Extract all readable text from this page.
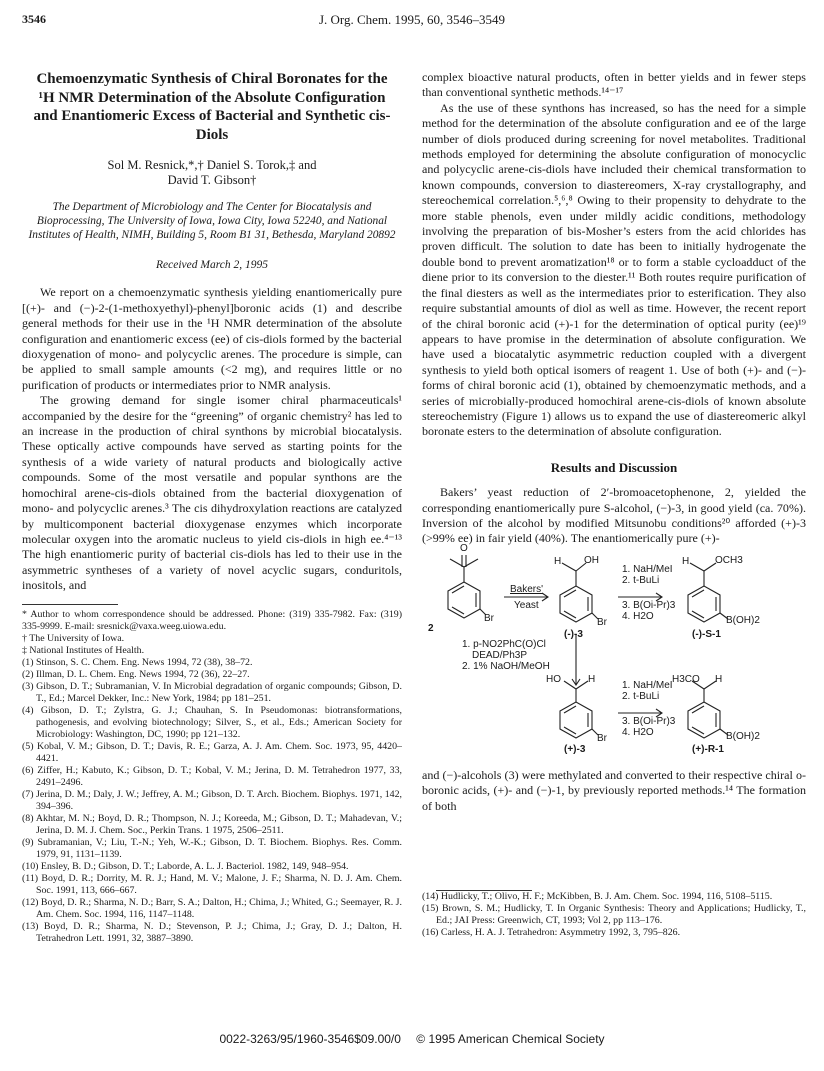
3546	J. Org. Chem. 1995, 60, 3546–3549
Chemoenzymatic Synthesis of Chiral Boronates for the ¹H NMR Determination of the Absolute Configuration and Enantiomeric Excess of Bacterial and Synthetic cis-Diols
Sol M. Resnick,*,† Daniel S. Torok,‡ and
David T. Gibson†
The Department of Microbiology and The Center for Biocatalysis and Bioprocessing, The University of Iowa, Iowa City, Iowa 52240, and National Institutes of Health, NIMH, Building 5, Room B1 31, Bethesda, Maryland 20892
Received March 2, 1995

We report on a chemoenzymatic synthesis yielding enantiomerically pure [(+)- and (−)-2-(1-methoxyethyl)-phenyl]boronic acids (1) and describe general methods for their use in the ¹H NMR determination of the absolute configuration and enantiomeric excess (ee) of cis-diols formed by the bacterial dioxygenation of mono- and polycyclic arenes. The procedure is simple, can be applied to small sample amounts (<2 mg), and requires little or no purification of products or intermediates prior to NMR analysis.

The growing demand for single isomer chiral pharmaceuticals¹ accompanied by the desire for the “greening” of organic chemistry² has led to an increase in the production of chiral synthons by microbial biocatalysis. These optically active compounds have served as starting points for the synthesis of a wide variety of natural products and biologically active compounds. Some of the most versatile and popular synthons are the homochiral arene-cis-diols obtained from the bacterial dioxygenation of mono- and polycyclic arenes.³ The cis dihydroxylation reactions are catalyzed by multicomponent bacterial dioxygenase enzymes which incorporate molecular oxygen into the aromatic nucleus to yield cis-diols in high ee.⁴⁻¹³ The high enantiomeric purity of bacterial cis-diols has led to their use in the asymmetric syntheses of a variety of novel acyclic sugars, conduritols, inositols, and

* Author to whom correspondence should be addressed. Phone: (319) 335-7982. Fax: (319) 335-9999. E-mail: sresnick@vaxa.weeg.uiowa.edu.
† The University of Iowa.
‡ National Institutes of Health.
(1) Stinson, S. C. Chem. Eng. News 1994, 72 (38), 38–72.
(2) Illman, D. L. Chem. Eng. News 1994, 72 (36), 22–27.
(3) Gibson, D. T.; Subramanian, V. In Microbial degradation of organic compounds; Gibson, D. T., Ed.; Marcel Dekker, Inc.: New York, 1984; pp 181–251.
(4) Gibson, D. T.; Zylstra, G. J.; Chauhan, S. In Pseudomonas: biotransformations, pathogenesis, and evolving biotechnology; Silver, S., et al., Eds.; American Society for Microbiology: Washington, DC, 1990; pp 121–132.
(5) Kobal, V. M.; Gibson, D. T.; Davis, R. E.; Garza, A. J. Am. Chem. Soc. 1973, 95, 4420–4421.
(6) Ziffer, H.; Kabuto, K.; Gibson, D. T.; Kobal, V. M.; Jerina, D. M. Tetrahedron 1977, 33, 2491–2496.
(7) Jerina, D. M.; Daly, J. W.; Jeffrey, A. M.; Gibson, D. T. Arch. Biochem. Biophys. 1971, 142, 394–396.
(8) Akhtar, M. N.; Boyd, D. R.; Thompson, N. J.; Koreeda, M.; Gibson, D. T.; Mahadevan, V.; Jerina, D. M. J. Chem. Soc., Perkin Trans. 1 1975, 2506–2511.
(9) Subramanian, V.; Liu, T.-N.; Yeh, W.-K.; Gibson, D. T. Biochem. Biophys. Res. Comm. 1979, 91, 1131–1139.
(10) Ensley, B. D.; Gibson, D. T.; Laborde, A. L. J. Bacteriol. 1982, 149, 948–954.
(11) Boyd, D. R.; Dorrity, M. R. J.; Hand, M. V.; Malone, J. F.; Sharma, N. D. J. Am. Chem. Soc. 1991, 113, 666–667.
(12) Boyd, D. R.; Sharma, N. D.; Barr, S. A.; Dalton, H.; Chima, J.; Whited, G.; Seemayer, R. J. Am. Chem. Soc. 1994, 116, 1147–1148.
(13) Boyd, D. R.; Sharma, N. D.; Stevenson, P. J.; Chima, J.; Gray, D. J.; Dalton, H. Tetrahedron Lett. 1991, 32, 3887–3890.

complex bioactive natural products, often in better yields and in fewer steps than conventional synthetic methods.¹⁴⁻¹⁷

As the use of these synthons has increased, so has the need for a simple method for the determination of the absolute configuration and ee of the large number of diols produced during screening for novel metabolites. Traditional methods employed for determining the absolute configuration of monocyclic and polycyclic arene-cis-diols have included their chemical transformation to known compounds, conversion to diastereomers, X-ray crystallography, and stereochemical correlation.⁵,⁶,⁸ Owing to their propensity to dehydrate to the more stable phenols, even under mildly acidic conditions, methodology involving the preparation of bis-Mosher’s esters from the acid chlorides has proven difficult. The solution to date has been to initially hydrogenate the double bond to prevent aromatization¹⁸ or to form a stable cycloadduct of the diene prior to its conversion to the diester.¹¹ Both routes require purification of the final diesters as well as the intermediates prior to esterification. They also require substantial amounts of diol as well as time. However, the recent report of the chiral boronic acid (+)-1 for the determination of optical purity (ee)¹⁹ appears to have promise in the determination of absolute configuration. We have used a biocatalytic asymmetric reduction coupled with a divergent synthesis to yield both optical isomers of reagent 1. Use of both (+)- and (−)-forms of chiral boronic acid (1), obtained by chemoenzymatic methods, and a series of microbially-produced homochiral arene-cis-diols of known absolute stereochemistry (Figure 1) allows us to expand the use of diastereomeric alkyl boronate esters to the determination of absolute configuration.

Results and Discussion

Bakers’ yeast reduction of 2′-bromoacetophenone, 2, yielded the corresponding enantiomerically pure S-alcohol, (−)-3, in good yield (ca. 70%). Inversion of the alcohol by modified Mitsunobu conditions²⁰ afforded (+)-3 (>99% ee) in fair yield (40%). The enantiomerically pure (+)-

O
Br
H OH
Br
H	OCH3
B(OH)2
HO	H
Br
H3CO H
B(OH)2
2
(-)-3	(-)-S-1
(+)-3	(+)-R-1
Bakers'
Yeast
1. NaH/MeI
2. t-BuLi
3. B(Oi-Pr)3
4. H2O
1. p-NO2PhC(O)Cl
DEAD/Ph3P
2. 1% NaOH/MeOH
1. NaH/MeI
2. t-BuLi
3. B(Oi-Pr)3
4. H2O

and (−)-alcohols (3) were methylated and converted to their respective chiral o-boronic acids, (+)- and (−)-1, by previously reported methods.¹⁴ The formation of both

(14) Hudlicky, T.; Olivo, H. F.; McKibben, B. J. Am. Chem. Soc. 1994, 116, 5108–5115.
(15) Brown, S. M.; Hudlicky, T. In Organic Synthesis: Theory and Applications; Hudlicky, T., Ed.; JAI Press: Greenwich, CT, 1993; Vol 2, pp 113–176.
(16) Carless, H. A. J. Tetrahedron: Asymmetry 1992, 3, 795–826.
0022-3263/95/1960-3546$09.00/0 © 1995 American Chemical Society
